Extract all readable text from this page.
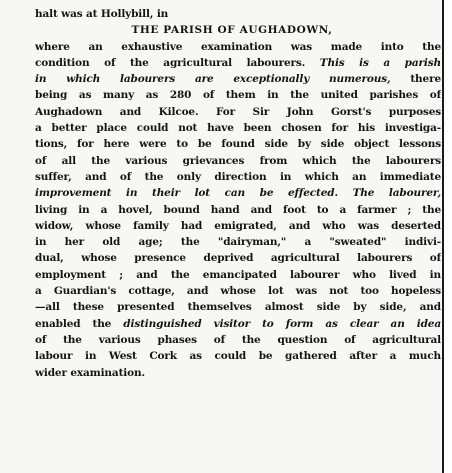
halt was at Hollybill, in
THE PARISH OF AUGHADOWN,
where an exhaustive examination was made into the
condition of the agricultural labourers. This is a parish
in which labourers are exceptionally numerous, there
being as many as 280 of them in the united parishes of
Aughadown and Kilcoe. For Sir John Gorst's purposes
a better place could not have been chosen for his investiga-
tions, for here were to be found side by side object lessons
of all the various grievances from which the labourers
suffer, and of the only direction in which an immediate
improvement in their lot can be effected. The labourer,
living in a hovel, bound hand and foot to a farmer ; the
widow, whose family had emigrated, and who was deserted
in her old age; the "dairyman," a "sweated" indivi-
dual, whose presence deprived agricultural labourers of
employment ; and the emancipated labourer who lived in
a Guardian's cottage, and whose lot was not too hopeless
—all these presented themselves almost side by side, and
enabled the distinguished visitor to form as clear an idea
of the various phases of the question of agricultural
labour in West Cork as could be gathered after a much
wider examination.
